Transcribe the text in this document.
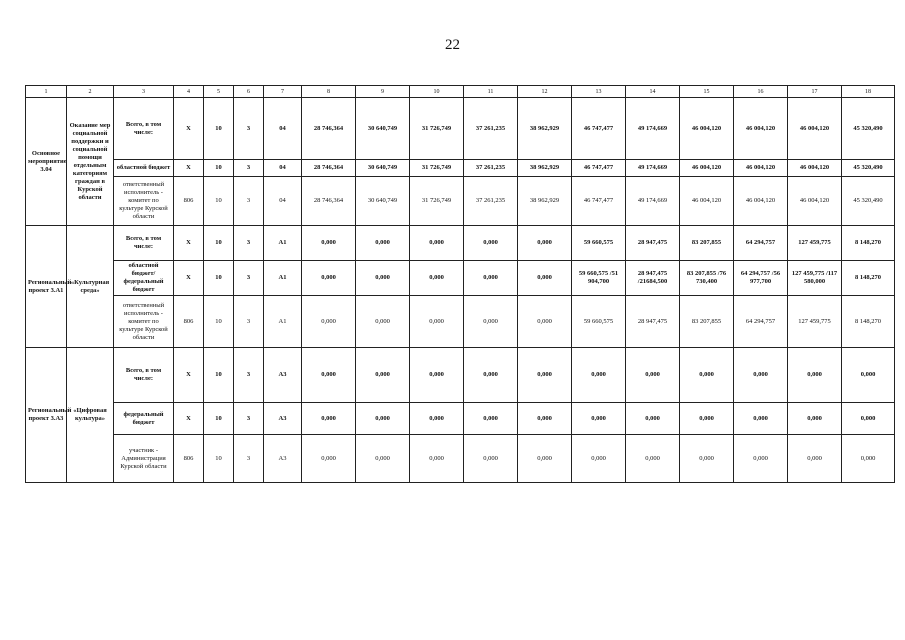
22
1	2	3	4	5	6	7	8	9	10	11	12	13	14	15	16	17	18
Основное мероприятие 3.04	Оказание мер социальной поддержки и социальной помощи отдельным категориям граждан в Курской области	Всего, в том числе:	Х	10	3	04	28 746,364	30 640,749	31 726,749	37 261,235	38 962,929	46 747,477	49 174,669	46 004,120	46 004,120	46 004,120	45 320,490
		областной бюджет	Х	10	3	04	28 746,364	30 640,749	31 726,749	37 261,235	38 962,929	46 747,477	49 174,669	46 004,120	46 004,120	46 004,120	45 320,490
		ответственный исполнитель - комитет по культуре Курской области	806	10	3	04	28 746,364	30 640,749	31 726,749	37 261,235	38 962,929	46 747,477	49 174,669	46 004,120	46 004,120	46 004,120	45 320,490
Региональный проект 3.А1	«Культурная среда»	Всего, в том числе:	Х	10	3	А1	0,000	0,000	0,000	0,000	0,000	59 660,575	28 947,475	83 207,855	64 294,757	127 459,775	8 148,270
		областной бюджет/ федеральный бюджет	Х	10	3	А1	0,000	0,000	0,000	0,000	0,000	59 660,575 /51 904,700	28 947,475 /21684,500	83 207,855 /76 730,400	64 294,757 /56 977,700	127 459,775 /117 580,000	8 148,270
		ответственный исполнитель - комитет по культуре Курской области	806	10	3	А1	0,000	0,000	0,000	0,000	0,000	59 660,575	28 947,475	83 207,855	64 294,757	127 459,775	8 148,270
Региональный проект 3.А3	«Цифровая культура»	Всего, в том числе:	Х	10	3	А3	0,000	0,000	0,000	0,000	0,000	0,000	0,000	0,000	0,000	0,000	0,000
		федеральный бюджет	Х	10	3	А3	0,000	0,000	0,000	0,000	0,000	0,000	0,000	0,000	0,000	0,000	0,000
		участник - Администрация Курской области	806	10	3	А3	0,000	0,000	0,000	0,000	0,000	0,000	0,000	0,000	0,000	0,000	0,000
